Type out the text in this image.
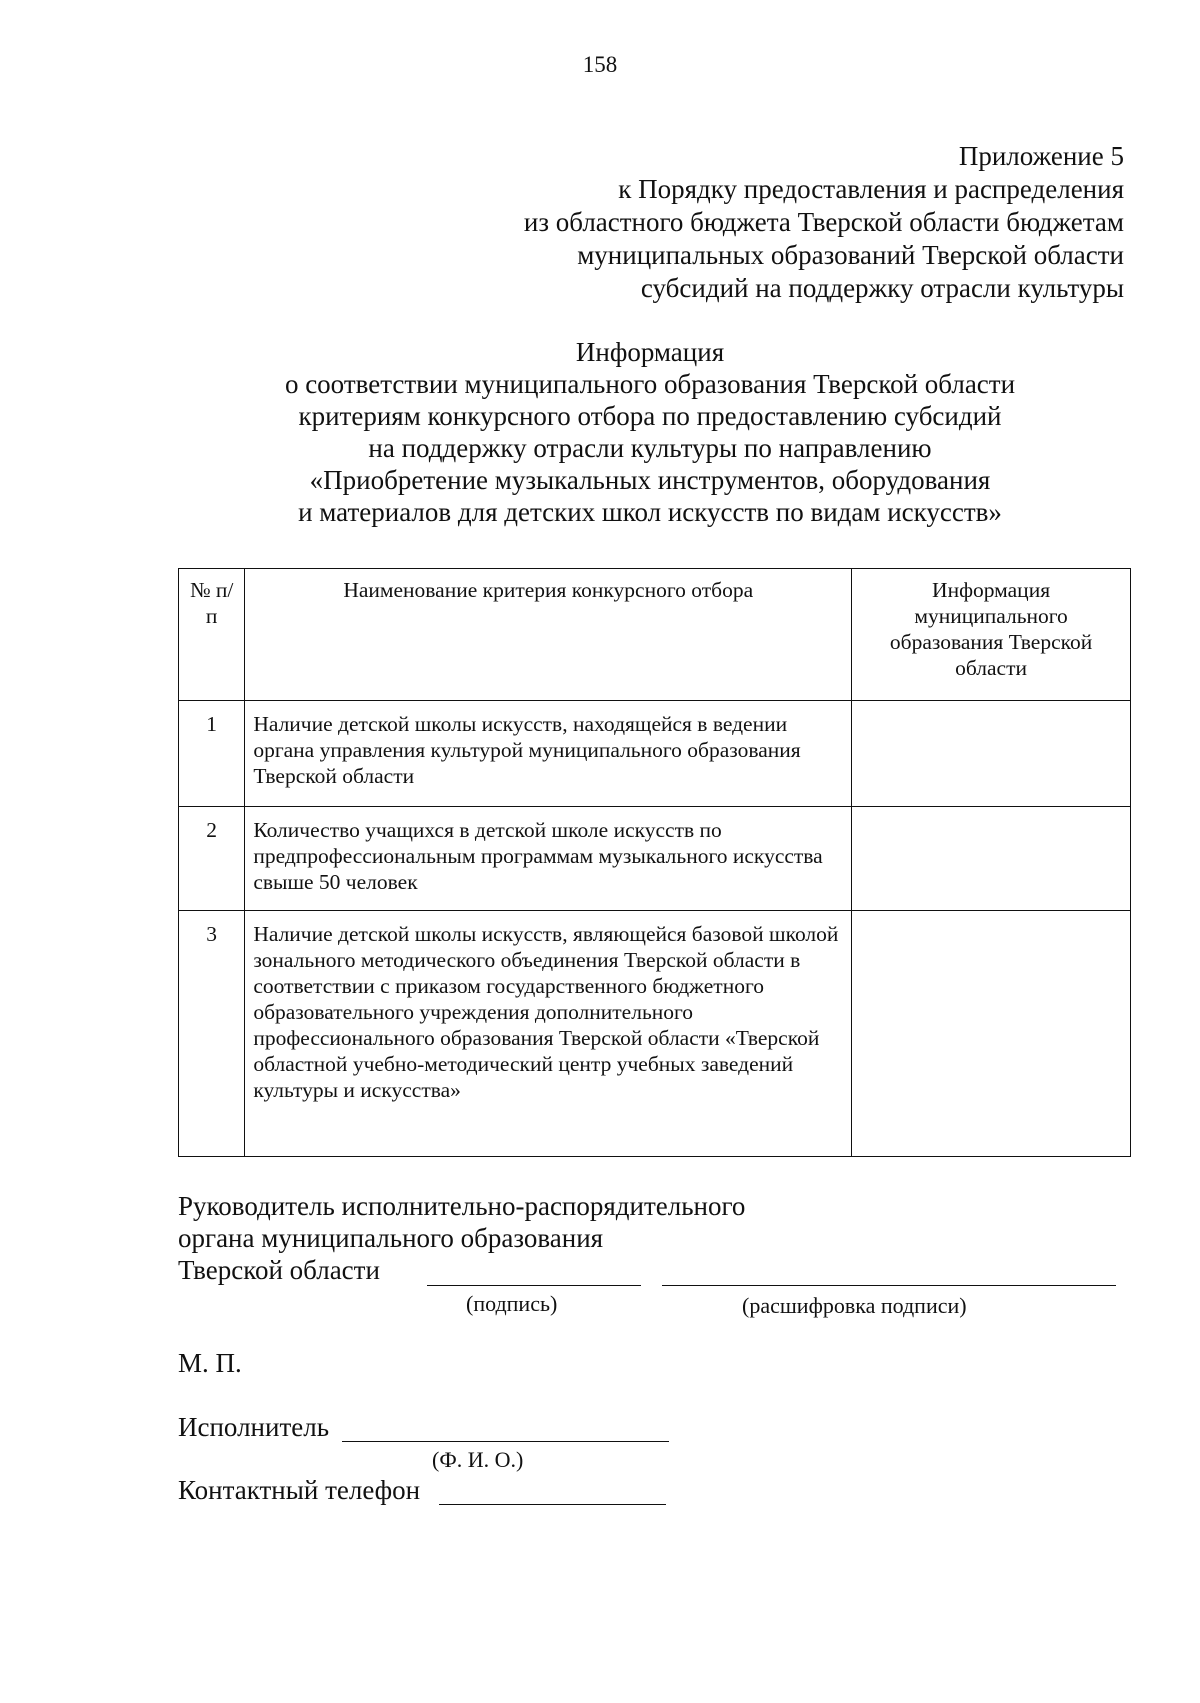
158
Приложение 5
к Порядку предоставления и распределения
из областного бюджета Тверской области бюджетам
муниципальных образований Тверской области
субсидий на поддержку отрасли культуры
Информация
о соответствии муниципального образования Тверской области
критериям конкурсного отбора по предоставлению субсидий
на поддержку отрасли культуры по направлению
«Приобретение музыкальных инструментов, оборудования
и материалов для детских школ искусств по видам искусств»
№ п/п	Наименование критерия конкурсного отбора	Информация муниципального образования Тверской области
1	Наличие детской школы искусств, находящейся в ведении органа управления культурой муниципального образования Тверской области	
2	Количество учащихся в детской школе искусств по предпрофессиональным программам музыкального искусства свыше 50 человек	
3	Наличие детской школы искусств, являющейся базовой школой зонального методического объединения Тверской области в соответствии с приказом государственного бюджетного образовательного учреждения дополнительного профессионального образования Тверской области «Тверской областной учебно-методический центр учебных заведений культуры и искусства»	
Руководитель исполнительно-распорядительного
органа муниципального образования
Тверской области
(подпись)	(расшифровка подписи)
М. П.
Исполнитель
(Ф. И. О.)
Контактный телефон
